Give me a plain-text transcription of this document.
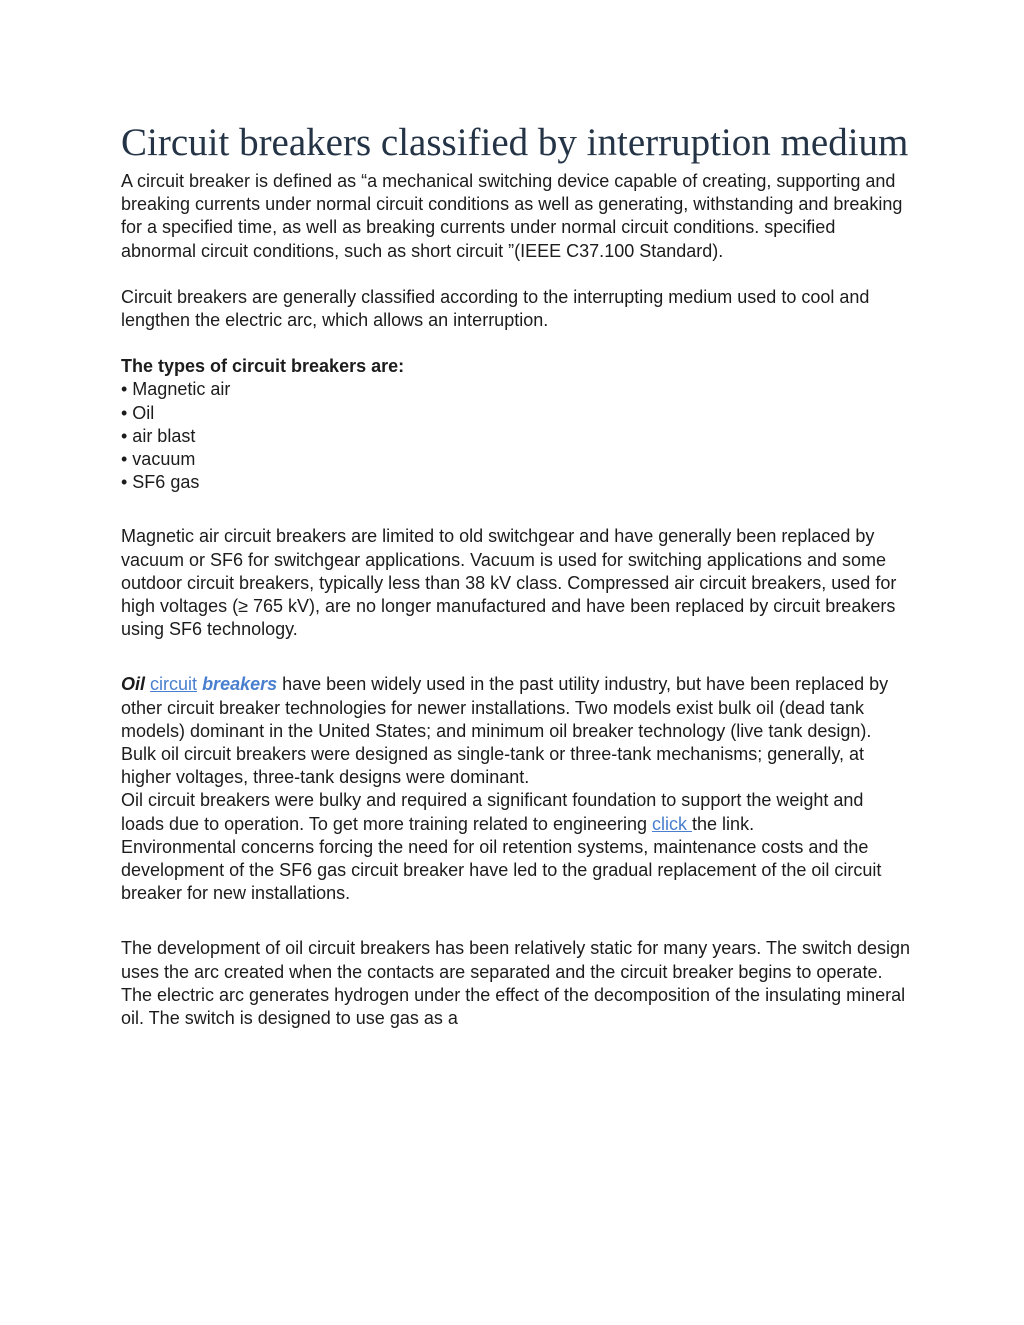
Circuit breakers classified by interruption medium

A circuit breaker is defined as “a mechanical switching device capable of creating, supporting and breaking currents under normal circuit conditions as well as generating, withstanding and breaking for a specified time, as well as breaking currents under normal circuit conditions. specified abnormal circuit conditions, such as short circuit ”(IEEE C37.100 Standard).

Circuit breakers are generally classified according to the interrupting medium used to cool and lengthen the electric arc, which allows an interruption.

The types of circuit breakers are:

• Magnetic air
• Oil
• air blast
• vacuum
• SF6 gas

Magnetic air circuit breakers are limited to old switchgear and have generally been replaced by vacuum or SF6 for switchgear applications. Vacuum is used for switching applications and some outdoor circuit breakers, typically less than 38 kV class. Compressed air circuit breakers, used for high voltages (≥ 765 kV), are no longer manufactured and have been replaced by circuit breakers using SF6 technology.

Oil circuit breakers have been widely used in the past utility industry, but have been replaced by other circuit breaker technologies for newer installations. Two models exist bulk oil (dead tank models) dominant in the United States; and minimum oil breaker technology (live tank design). Bulk oil circuit breakers were designed as single-tank or three-tank mechanisms; generally, at higher voltages, three-tank designs were dominant.

Oil circuit breakers were bulky and required a significant foundation to support the weight and loads due to operation. To get more training related to engineering click the link.

Environmental concerns forcing the need for oil retention systems, maintenance costs and the development of the SF6 gas circuit breaker have led to the gradual replacement of the oil circuit breaker for new installations.

The development of oil circuit breakers has been relatively static for many years. The switch design uses the arc created when the contacts are separated and the circuit breaker begins to operate. The electric arc generates hydrogen under the effect of the decomposition of the insulating mineral oil. The switch is designed to use gas as a
